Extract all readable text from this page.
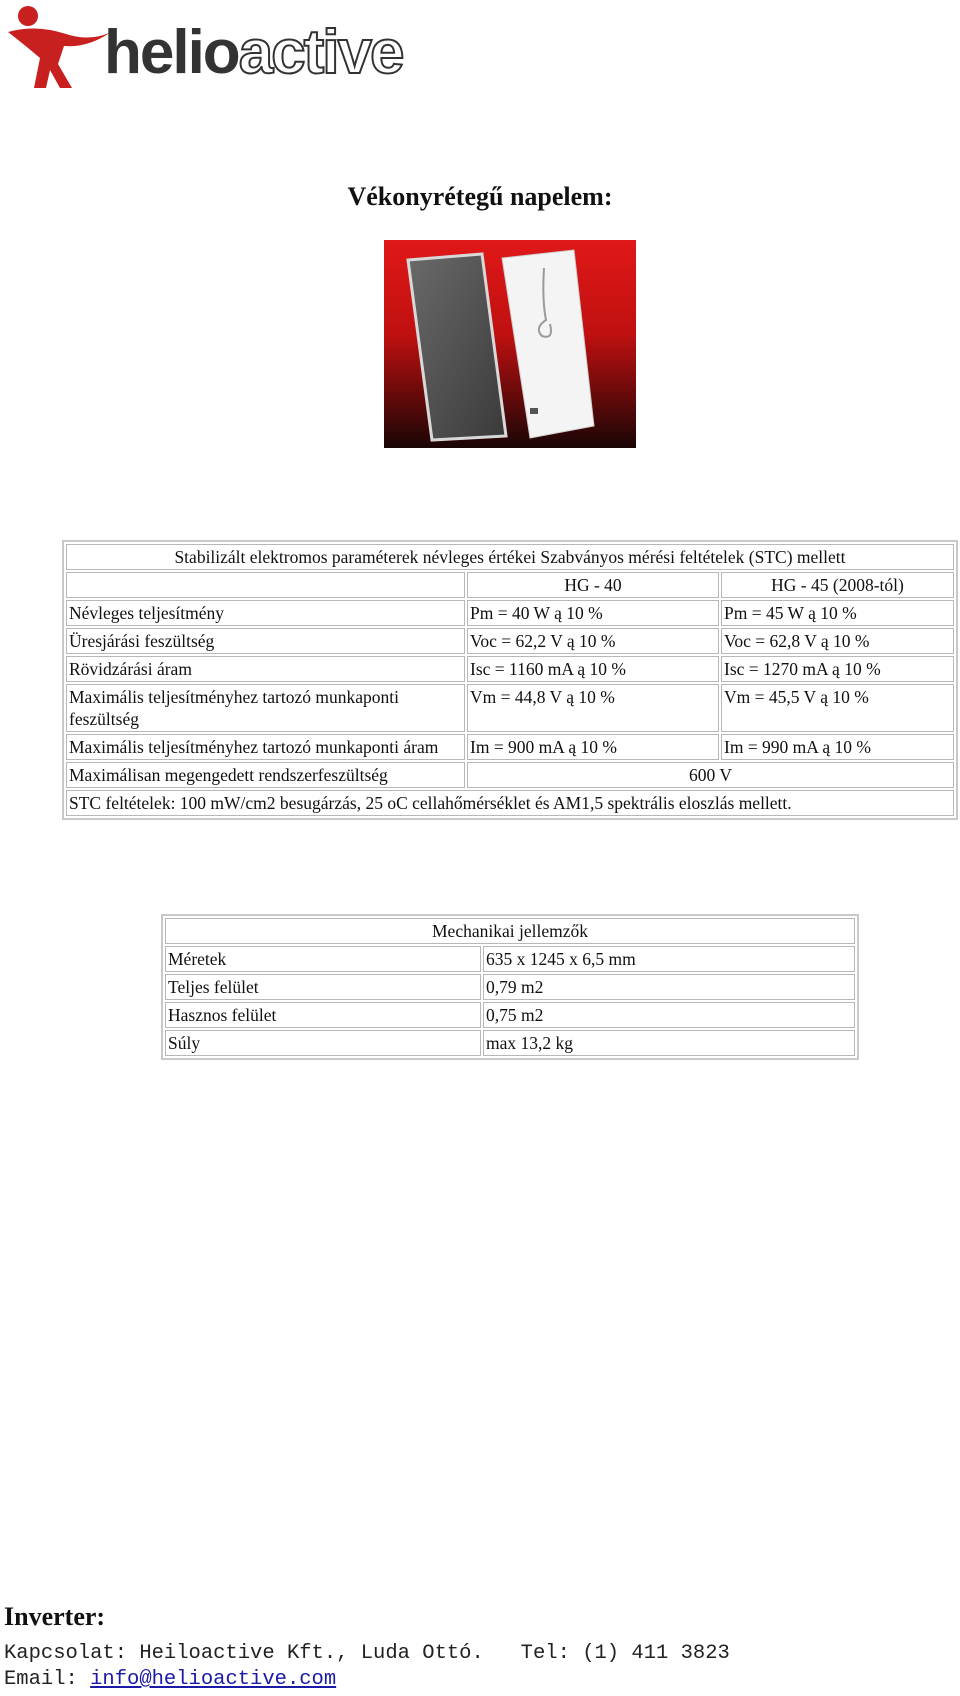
helioactive
Vékonyrétegű napelem:
Stabilizált elektromos paraméterek névleges értékei Szabványos mérési feltételek (STC) mellett		
	HG - 40	HG - 45 (2008-tól)
Névleges teljesítmény	Pm = 40 W ą 10 %	Pm = 45 W ą 10 %
Üresjárási feszültség	Voc = 62,2 V ą 10 %	Voc = 62,8 V ą 10 %
Rövidzárási áram	Isc = 1160 mA ą 10 %	Isc = 1270 mA ą 10 %
Maximális teljesítményhez tartozó munkaponti feszültség	Vm = 44,8 V ą 10 %	Vm = 45,5 V ą 10 %
Maximális teljesítményhez tartozó munkaponti áram	Im = 900 mA ą 10 %	Im = 990 mA ą 10 %
Maximálisan megengedett rendszerfeszültség	600 V	
STC feltételek: 100 mW/cm2 besugárzás, 25 oC cellahőmérséklet és AM1,5 spektrális eloszlás mellett.		
Mechanikai jellemzők	
Méretek	635 x 1245 x 6,5 mm
Teljes felület	0,79 m2
Hasznos felület	0,75 m2
Súly	max 13,2 kg
Inverter:
Kapcsolat: Heiloactive Kft., Luda Ottó.   Tel: (1) 411 3823
Email: info@helioactive.com
